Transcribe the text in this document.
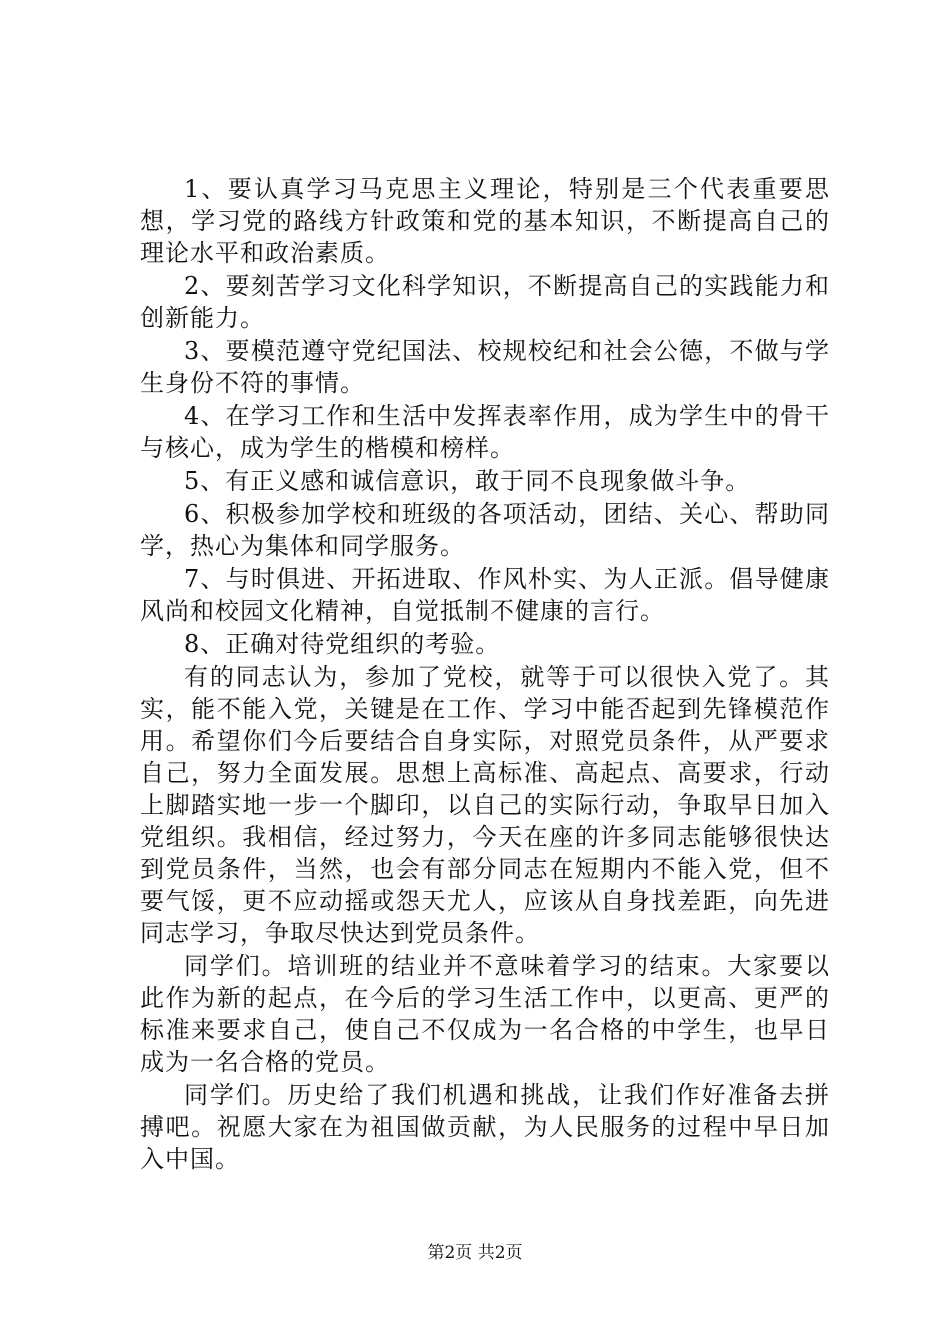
1、要认真学习马克思主义理论，特别是三个代表重要思想，学习党的路线方针政策和党的基本知识，不断提高自己的理论水平和政治素质。

2、要刻苦学习文化科学知识，不断提高自己的实践能力和创新能力。

3、要模范遵守党纪国法、校规校纪和社会公德，不做与学生身份不符的事情。

4、在学习工作和生活中发挥表率作用，成为学生中的骨干与核心，成为学生的楷模和榜样。

5、有正义感和诚信意识，敢于同不良现象做斗争。

6、积极参加学校和班级的各项活动，团结、关心、帮助同学，热心为集体和同学服务。

7、与时俱进、开拓进取、作风朴实、为人正派。倡导健康风尚和校园文化精神，自觉抵制不健康的言行。

8、正确对待党组织的考验。

有的同志认为，参加了党校，就等于可以很快入党了。其实，能不能入党，关键是在工作、学习中能否起到先锋模范作用。希望你们今后要结合自身实际，对照党员条件，从严要求自己，努力全面发展。思想上高标准、高起点、高要求，行动上脚踏实地一步一个脚印，以自己的实际行动，争取早日加入党组织。我相信，经过努力，今天在座的许多同志能够很快达到党员条件，当然，也会有部分同志在短期内不能入党，但不要气馁，更不应动摇或怨天尤人，应该从自身找差距，向先进同志学习，争取尽快达到党员条件。

同学们。培训班的结业并不意味着学习的结束。大家要以此作为新的起点，在今后的学习生活工作中，以更高、更严的标准来要求自己，使自己不仅成为一名合格的中学生，也早日成为一名合格的党员。

同学们。历史给了我们机遇和挑战，让我们作好准备去拼搏吧。祝愿大家在为祖国做贡献，为人民服务的过程中早日加入中国。

第2页 共2页
